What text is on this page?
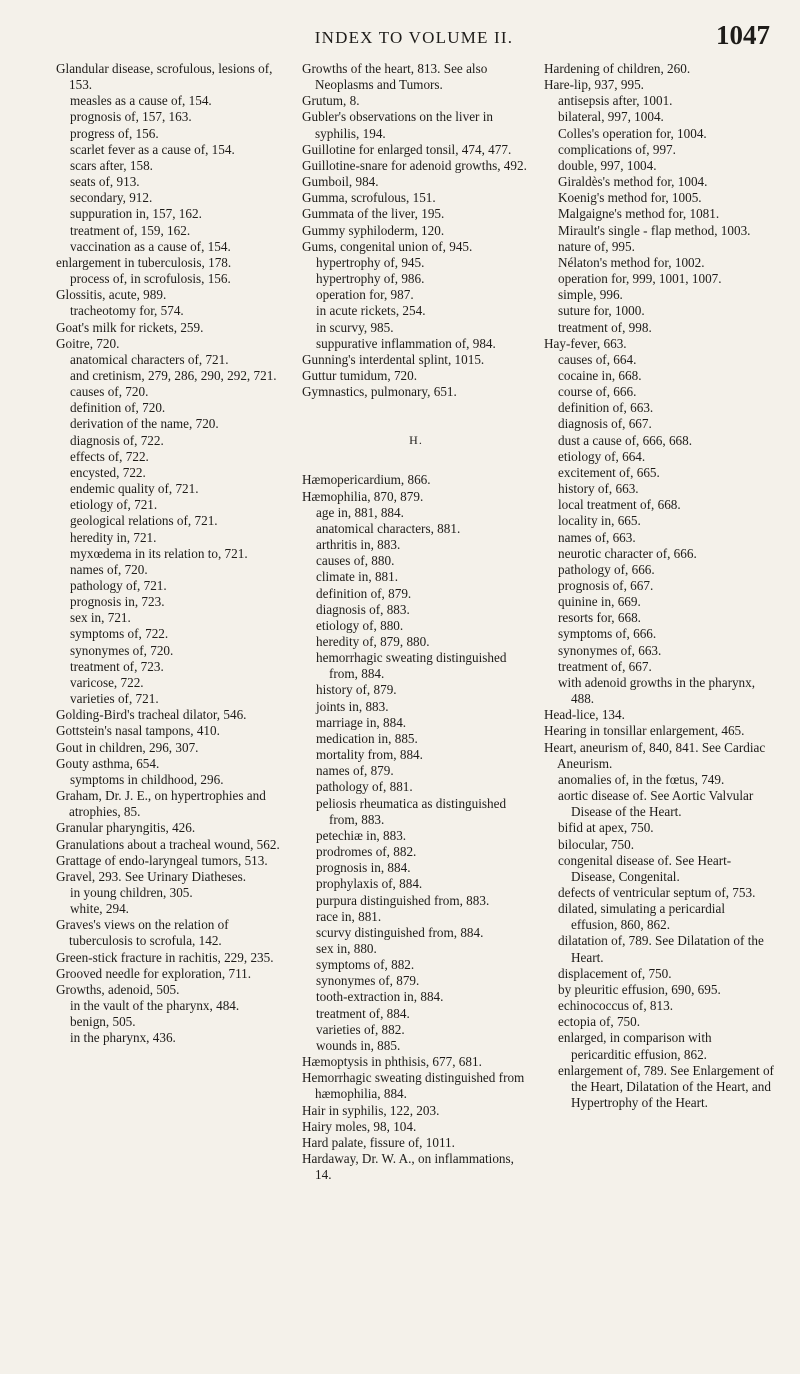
INDEX TO VOLUME II.	1047

Glandular disease, scrofulous, lesions of, 153.

measles as a cause of, 154.

prognosis of, 157, 163.

progress of, 156.

scarlet fever as a cause of, 154.

scars after, 158.

seats of, 913.

secondary, 912.

suppuration in, 157, 162.

treatment of, 159, 162.

vaccination as a cause of, 154.

enlargement in tuberculosis, 178.

process of, in scrofulosis, 156.

Glossitis, acute, 989.

tracheotomy for, 574.

Goat's milk for rickets, 259.

Goitre, 720.

anatomical characters of, 721.

and cretinism, 279, 286, 290, 292, 721.

causes of, 720.

definition of, 720.

derivation of the name, 720.

diagnosis of, 722.

effects of, 722.

encysted, 722.

endemic quality of, 721.

etiology of, 721.

geological relations of, 721.

heredity in, 721.

myxœdema in its relation to, 721.

names of, 720.

pathology of, 721.

prognosis in, 723.

sex in, 721.

symptoms of, 722.

synonymes of, 720.

treatment of, 723.

varicose, 722.

varieties of, 721.

Golding-Bird's tracheal dilator, 546.

Gottstein's nasal tampons, 410.

Gout in children, 296, 307.

Gouty asthma, 654.

symptoms in childhood, 296.

Graham, Dr. J. E., on hypertrophies and atrophies, 85.

Granular pharyngitis, 426.

Granulations about a tracheal wound, 562.

Grattage of endo-laryngeal tumors, 513.

Gravel, 293. See Urinary Diatheses.

in young children, 305.

white, 294.

Graves's views on the relation of tuberculosis to scrofula, 142.

Green-stick fracture in rachitis, 229, 235.

Grooved needle for exploration, 711.

Growths, adenoid, 505.

in the vault of the pharynx, 484.

benign, 505.

in the pharynx, 436.

Growths of the heart, 813. See also Neoplasms and Tumors.

Grutum, 8.

Gubler's observations on the liver in syphilis, 194.

Guillotine for enlarged tonsil, 474, 477.

Guillotine-snare for adenoid growths, 492.

Gumboil, 984.

Gumma, scrofulous, 151.

Gummata of the liver, 195.

Gummy syphiloderm, 120.

Gums, congenital union of, 945.

hypertrophy of, 945.

hypertrophy of, 986.

operation for, 987.

in acute rickets, 254.

in scurvy, 985.

suppurative inflammation of, 984.

Gunning's interdental splint, 1015.

Guttur tumidum, 720.

Gymnastics, pulmonary, 651.

H.

Hæmopericardium, 866.

Hæmophilia, 870, 879.

age in, 881, 884.

anatomical characters, 881.

arthritis in, 883.

causes of, 880.

climate in, 881.

definition of, 879.

diagnosis of, 883.

etiology of, 880.

heredity of, 879, 880.

hemorrhagic sweating distinguished from, 884.

history of, 879.

joints in, 883.

marriage in, 884.

medication in, 885.

mortality from, 884.

names of, 879.

pathology of, 881.

peliosis rheumatica as distinguished from, 883.

petechiæ in, 883.

prodromes of, 882.

prognosis in, 884.

prophylaxis of, 884.

purpura distinguished from, 883.

race in, 881.

scurvy distinguished from, 884.

sex in, 880.

symptoms of, 882.

synonymes of, 879.

tooth-extraction in, 884.

treatment of, 884.

varieties of, 882.

wounds in, 885.

Hæmoptysis in phthisis, 677, 681.

Hemorrhagic sweating distinguished from hæmophilia, 884.

Hair in syphilis, 122, 203.

Hairy moles, 98, 104.

Hard palate, fissure of, 1011.

Hardaway, Dr. W. A., on inflammations, 14.

Hardening of children, 260.

Hare-lip, 937, 995.

antisepsis after, 1001.

bilateral, 997, 1004.

Colles's operation for, 1004.

complications of, 997.

double, 997, 1004.

Giraldès's method for, 1004.

Koenig's method for, 1005.

Malgaigne's method for, 1081.

Mirault's single - flap method, 1003.

nature of, 995.

Nélaton's method for, 1002.

operation for, 999, 1001, 1007.

simple, 996.

suture for, 1000.

treatment of, 998.

Hay-fever, 663.

causes of, 664.

cocaine in, 668.

course of, 666.

definition of, 663.

diagnosis of, 667.

dust a cause of, 666, 668.

etiology of, 664.

excitement of, 665.

history of, 663.

local treatment of, 668.

locality in, 665.

names of, 663.

neurotic character of, 666.

pathology of, 666.

prognosis of, 667.

quinine in, 669.

resorts for, 668.

symptoms of, 666.

synonymes of, 663.

treatment of, 667.

with adenoid growths in the pharynx, 488.

Head-lice, 134.

Hearing in tonsillar enlargement, 465.

Heart, aneurism of, 840, 841. See Cardiac Aneurism.

anomalies of, in the fœtus, 749.

aortic disease of. See Aortic Valvular Disease of the Heart.

bifid at apex, 750.

bilocular, 750.

congenital disease of. See Heart-Disease, Congenital.

defects of ventricular septum of, 753.

dilated, simulating a pericardial effusion, 860, 862.

dilatation of, 789. See Dilatation of the Heart.

displacement of, 750.

by pleuritic effusion, 690, 695.

echinococcus of, 813.

ectopia of, 750.

enlarged, in comparison with pericarditic effusion, 862.

enlargement of, 789. See Enlargement of the Heart, Dilatation of the Heart, and Hypertrophy of the Heart.
